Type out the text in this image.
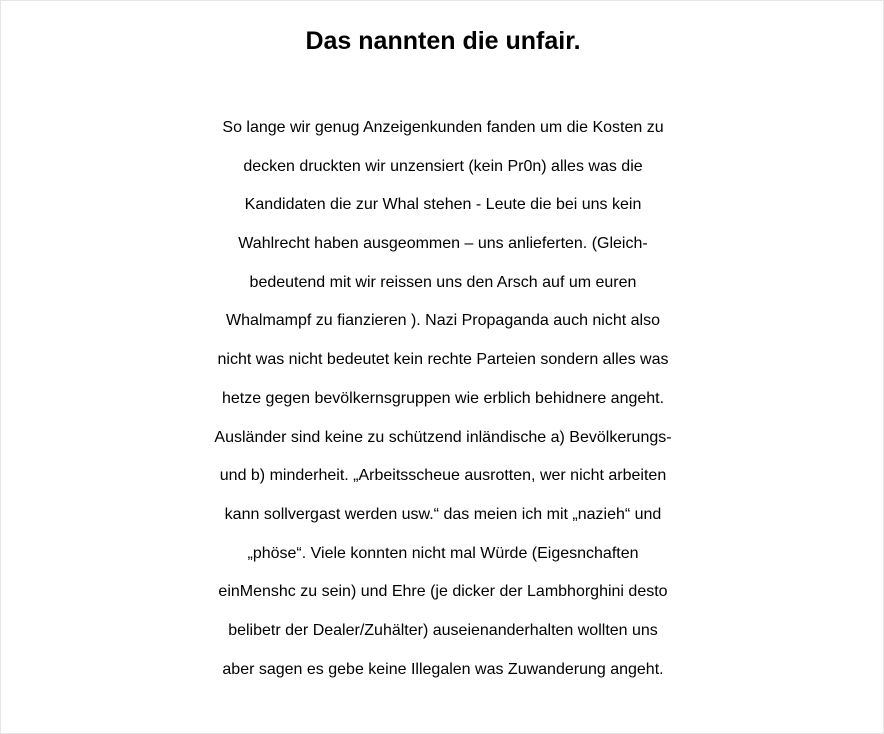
Das nannten die unfair.
So lange wir genug Anzeigenkunden fanden um die Kosten zu
decken druckten wir unzensiert (kein Pr0n) alles was die
Kandidaten die zur Whal stehen - Leute die bei uns kein
Wahlrecht haben ausgeommen – uns anlieferten. (Gleich-
bedeutend mit wir reissen uns den Arsch auf um euren
Whalmampf zu fianzieren ). Nazi Propaganda auch nicht also
nicht was nicht bedeutet kein rechte Parteien sondern alles was
hetze gegen bevölkernsgruppen wie erblich behidnere angeht.
Ausländer sind keine zu schützend inländische a) Bevölkerungs-
und b) minderheit. „Arbeitsscheue ausrotten, wer nicht arbeiten
kann sollvergast werden usw.“ das meien ich mit „nazieh“ und
„phöse“. Viele konnten nicht mal Würde (Eigesnchaften
einMenshc zu sein) und Ehre (je dicker der Lambhorghini desto
belibetr der Dealer/Zuhälter) auseienanderhalten wollten uns
aber sagen es gebe keine Illegalen was Zuwanderung angeht.
